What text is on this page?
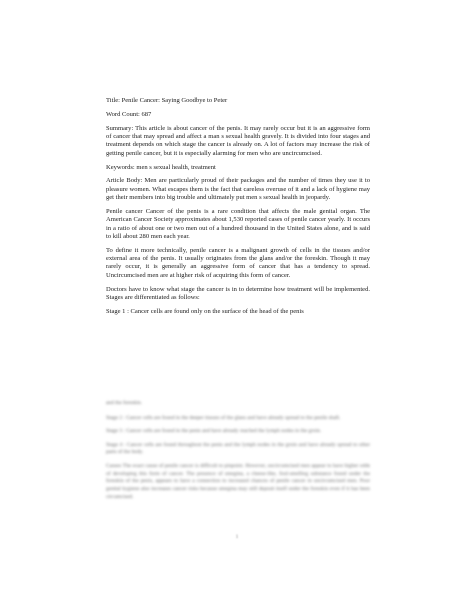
Title: Penile Cancer: Saying Goodbye to Peter

Word Count: 687

Summary: This article is about cancer of the penis. It may rarely occur but it is an aggressive form of cancer that may spread and affect a man s sexual health gravely. It is divided into four stages and treatment depends on which stage the cancer is already on. A lot of factors may increase the risk of getting penile cancer, but it is especially alarming for men who are uncircumcised.

Keywords: men s sexual health, treatment

Article Body: Men are particularly proud of their packages and the number of times they use it to pleasure women. What escapes them is the fact that careless overuse of it and a lack of hygiene may get their members into big trouble and ultimately put men s sexual health in jeopardy.

Penile cancer Cancer of the penis is a rare condition that affects the male genital organ. The American Cancer Society approximates about 1,530 reported cases of penile cancer yearly. It occurs in a ratio of about one or two men out of a hundred thousand in the United States alone, and is said to kill about 280 men each year.

To define it more technically, penile cancer is a malignant growth of cells in the tissues and/or external area of the penis. It usually originates from the glans and/or the foreskin. Though it may rarely occur, it is generally an aggressive form of cancer that has a tendency to spread. Uncircumcised men are at higher risk of acquiring this form of cancer.

Doctors have to know what stage the cancer is in to determine how treatment will be implemented. Stages are differentiated as follows:

Stage 1 : Cancer cells are found only on the surface of the head of the penis

and the foreskin.

Stage 2 : Cancer cells are found in the deeper tissues of the glans and have already spread to the penile shaft.

Stage 3 : Cancer cells are found in the penis and have already reached the lymph nodes in the groin.

Stage 4 : Cancer cells are found throughout the penis and the lymph nodes in the groin and have already spread to other parts of the body.

Causes The exact cause of penile cancer is difficult to pinpoint. However, uncircumcised men appear to have higher odds of developing this form of cancer. The presence of smegma, a cheese-like, foul-smelling substance found under the foreskin of the penis, appears to have a connection to increased chances of penile cancer in uncircumcised men. Poor genital hygiene also increases cancer risks because smegma may still deposit itself under the foreskin even if it has been circumcised.

1
